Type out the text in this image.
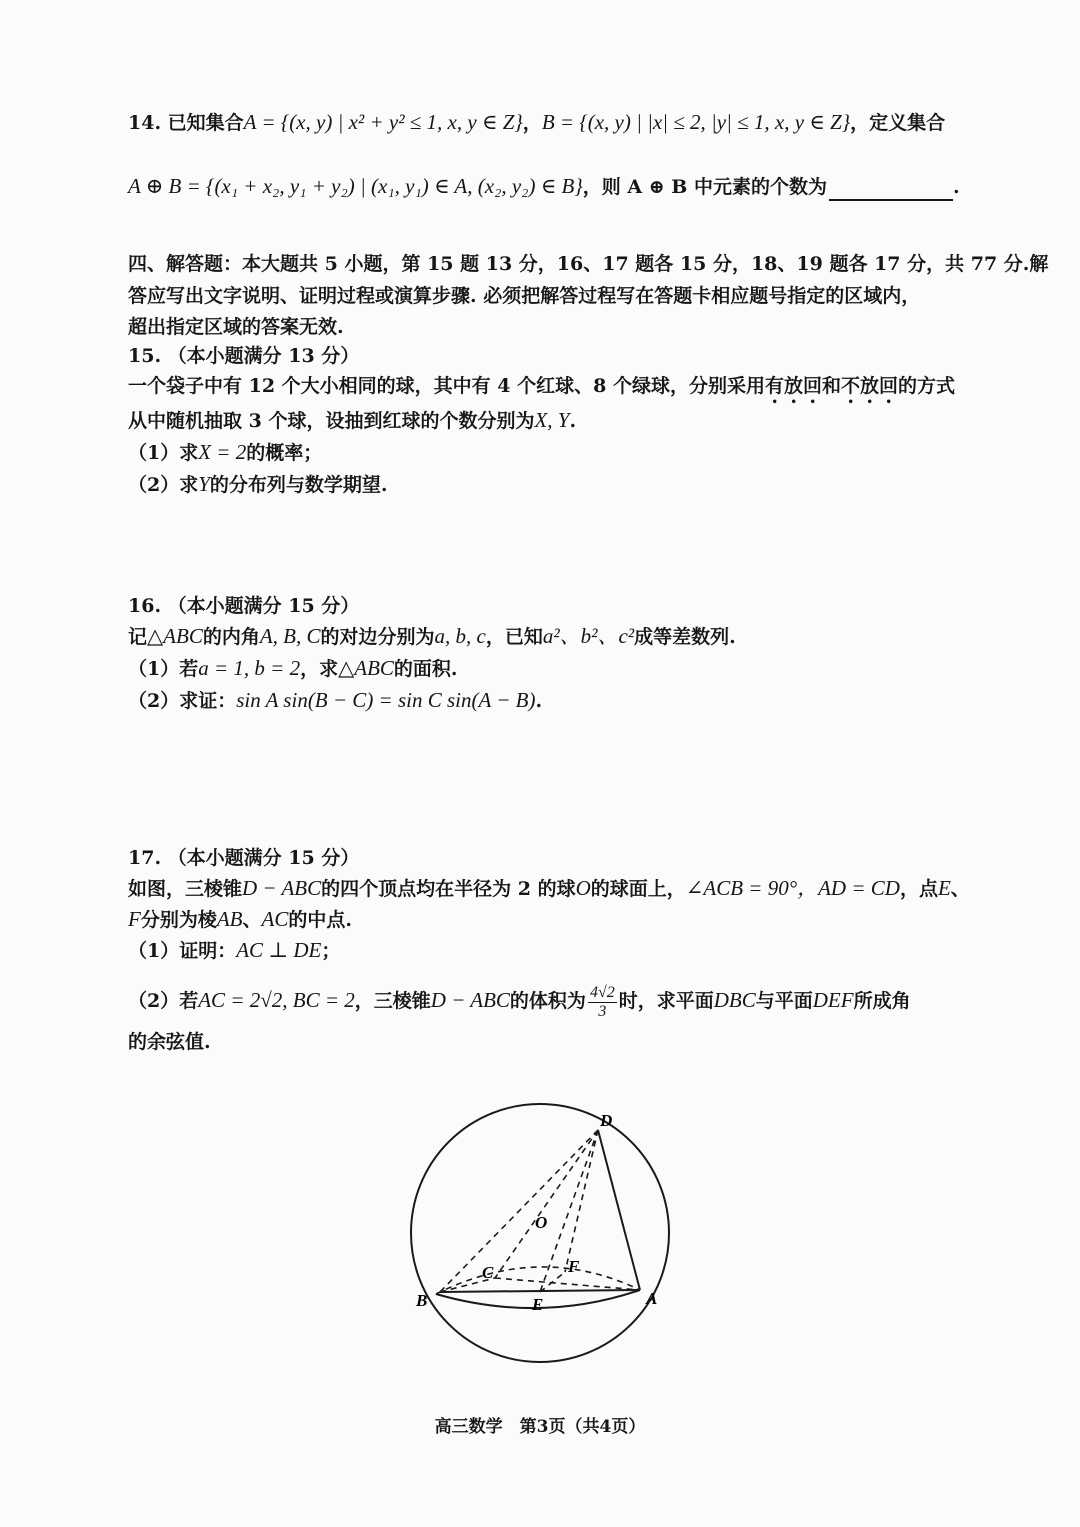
14. 已知集合A = {(x, y) | x² + y² ≤ 1, x, y ∈ Z}，B = {(x, y) | |x| ≤ 2, |y| ≤ 1, x, y ∈ Z}，定义集合
A ⊕ B = {(x₁ + x₂, y₁ + y₂) | (x₁, y₁) ∈ A, (x₂, y₂) ∈ B}，则 A ⊕ B 中元素的个数为	.
四、解答题：本大题共 5 小题，第 15 题 13 分，16、17 题各 15 分，18、19 题各 17 分，共 77 分.解
答应写出文字说明、证明过程或演算步骤. 必须把解答过程写在答题卡相应题号指定的区域内，
超出指定区域的答案无效.
15. （本小题满分 13 分）
一个袋子中有 12 个大小相同的球，其中有 4 个红球、8 个绿球，分别采用有放回和不放回的方式
从中随机抽取 3 个球，设抽到红球的个数分别为X, Y.
（1）求X = 2的概率；
（2）求Y的分布列与数学期望.
16. （本小题满分 15 分）
记△ABC的内角A, B, C的对边分别为a, b, c，已知a²、b²、c²成等差数列.
（1）若a = 1, b = 2，求△ABC的面积.
（2）求证：sin A sin(B − C) = sin C sin(A − B).
17. （本小题满分 15 分）
如图，三棱锥D − ABC的四个顶点均在半径为 2 的球O的球面上，∠ACB = 90°，AD = CD，点E、
F分别为棱AB、AC的中点.
（1）证明：AC ⊥ DE；
（2）若AC = 2√2, BC = 2，三棱锥D − ABC的体积为 $\frac{4√2}{3}$ 时，求平面DBC与平面DEF所成角
的余弦值.
D
O
C	F
B	E	A
高三数学　第3页（共4页）
